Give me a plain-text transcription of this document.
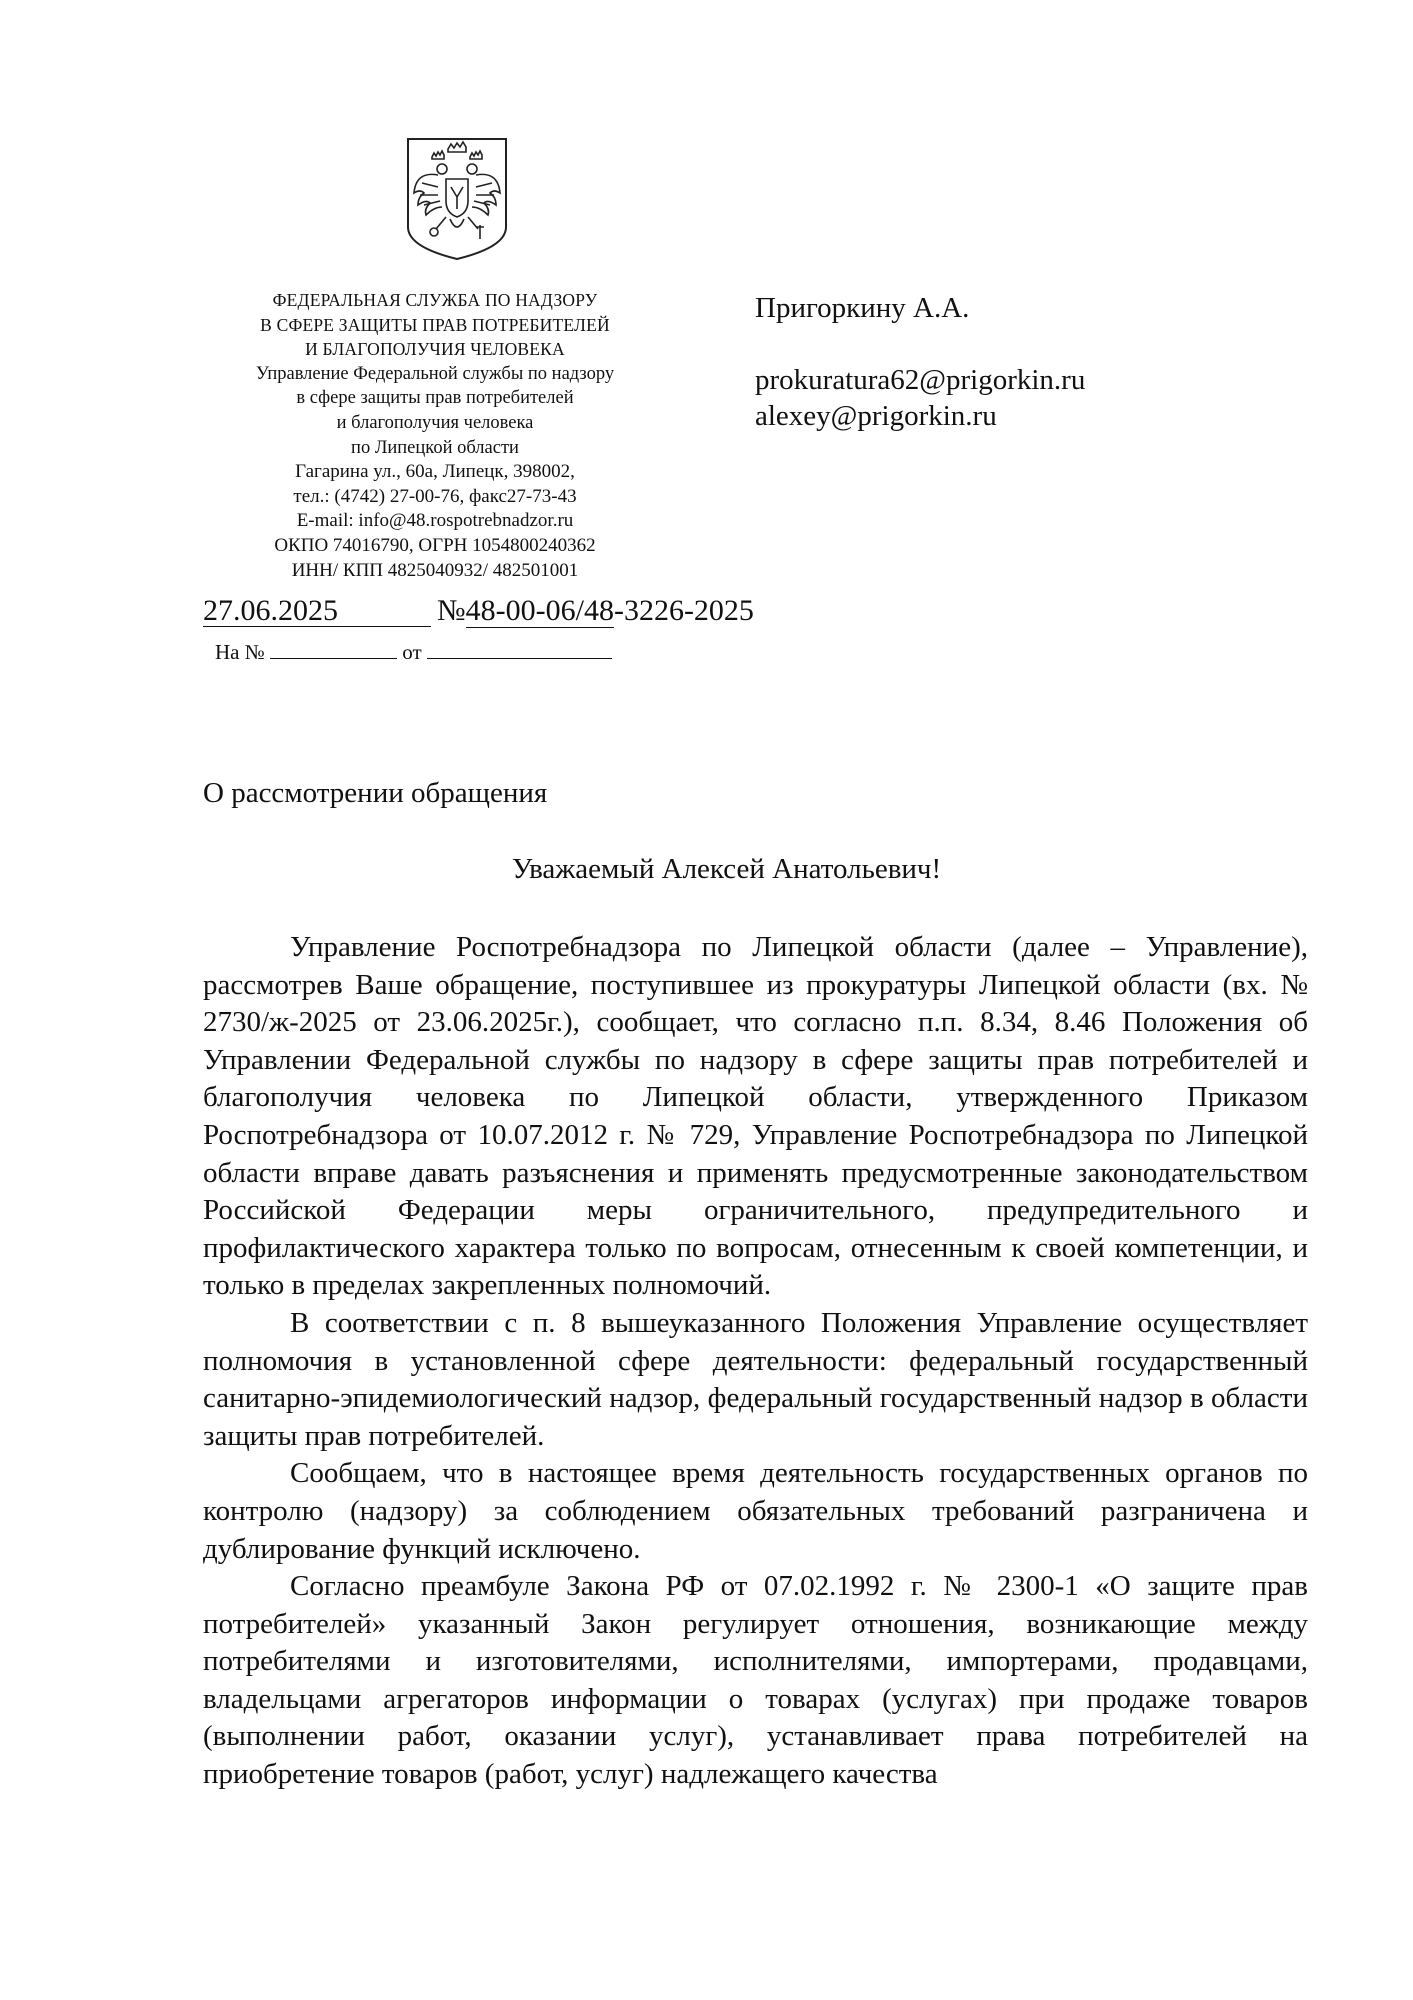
ФЕДЕРАЛЬНАЯ СЛУЖБА ПО НАДЗОРУ
В СФЕРЕ ЗАЩИТЫ ПРАВ ПОТРЕБИТЕЛЕЙ
И БЛАГОПОЛУЧИЯ ЧЕЛОВЕКА
Управление Федеральной службы по надзору
в сфере защиты прав потребителей
и благополучия человека
по Липецкой области
Гагарина ул., 60а, Липецк, 398002,
тел.: (4742) 27-00-76, факс27-73-43
E-mail: info@48.rospotrebnadzor.ru
ОКПО 74016790, ОГРН 1054800240362
ИНН/ КПП 4825040932/ 482501001
Пригоркину А.А.
prokuratura62@prigorkin.ru
alexey@prigorkin.ru
27.06.2025	№48-00-06/48-3226-2025
На №	от
О рассмотрении обращения
Уважаемый Алексей Анатольевич!

Управление Роспотребнадзора по Липецкой области (далее – Управление), рассмотрев Ваше обращение, поступившее из прокуратуры Липецкой области (вх. № 2730/ж-2025 от 23.06.2025г.), сообщает, что согласно п.п. 8.34, 8.46 Положения об Управлении Федеральной службы по надзору в сфере защиты прав потребителей и благополучия человека по Липецкой области, утвержденного Приказом Роспотребнадзора от 10.07.2012 г. № 729, Управление Роспотребнадзора по Липецкой области вправе давать разъяснения и применять предусмотренные законодательством Российской Федерации меры ограничительного, предупредительного и профилактического характера только по вопросам, отнесенным к своей компетенции, и только в пределах закрепленных полномочий.

В соответствии с п. 8 вышеуказанного Положения Управление осуществляет полномочия в установленной сфере деятельности: федеральный государственный санитарно-эпидемиологический надзор, федеральный государственный надзор в области защиты прав потребителей.

Сообщаем, что в настоящее время деятельность государственных органов по контролю (надзору) за соблюдением обязательных требований разграничена и дублирование функций исключено.

Согласно преамбуле Закона РФ от 07.02.1992 г. № 2300-1 «О защите прав потребителей» указанный Закон регулирует отношения, возникающие между потребителями и изготовителями, исполнителями, импортерами, продавцами, владельцами агрегаторов информации о товарах (услугах) при продаже товаров (выполнении работ, оказании услуг), устанавливает права потребителей на приобретение товаров (работ, услуг) надлежащего качества
